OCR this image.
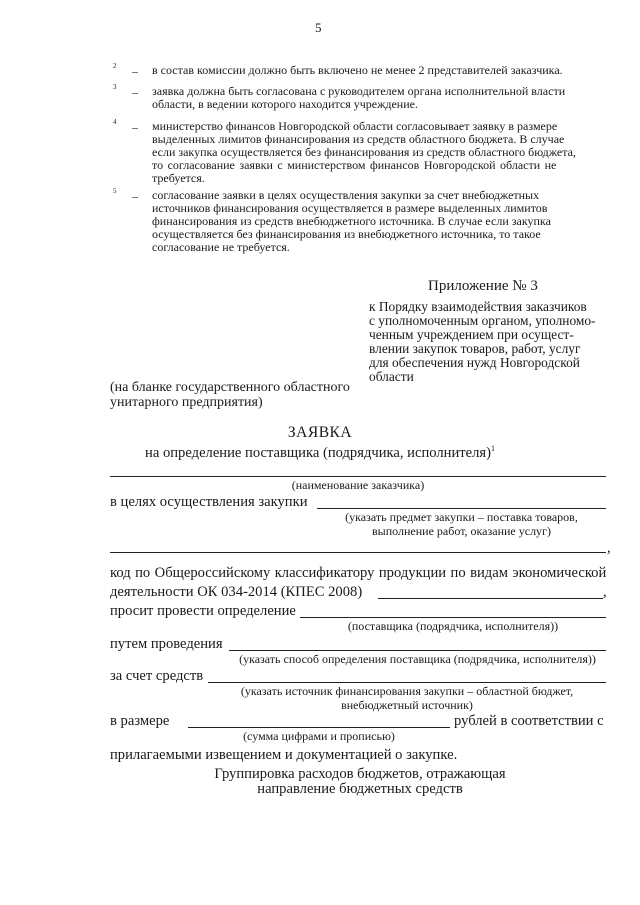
5
2 – в состав комиссии должно быть включено не менее 2 представителей заказчика.
3 – заявка должна быть согласована с руководителем органа исполнительной власти
области, в ведении которого находится учреждение.
4 – министерство финансов Новгородской области согласовывает заявку в размере
выделенных лимитов финансирования из средств областного бюджета. В случае
если закупка осуществляется без финансирования из средств областного бюджета,
то согласование заявки с министерством финансов Новгородской области не
требуется.
5 – согласование заявки в целях осуществления закупки за счет внебюджетных
источников финансирования осуществляется в размере выделенных лимитов
финансирования из средств внебюджетного источника. В случае если закупка
осуществляется без финансирования из внебюджетного источника, то такое
согласование не требуется.
Приложение № 3
к Порядку взаимодействия заказчиков
с уполномоченным органом, уполномо-
ченным учреждением при осущест-
влении закупок товаров, работ, услуг
для обеспечения нужд Новгородской
области
(на бланке государственного областного
унитарного предприятия)
ЗАЯВКА
на определение поставщика (подрядчика, исполнителя)$^1$
(наименование заказчика)
в целях осуществления закупки
(указать предмет закупки – поставка товаров,
выполнение работ, оказание услуг)
,
код по Общероссийскому классификатору продукции по видам экономической
деятельности ОК 034-2014 (КПЕС 2008)	,
просит провести определение
(поставщика (подрядчика, исполнителя))
путем проведения
(указать способ определения поставщика (подрядчика, исполнителя))
за счет средств
(указать источник финансирования закупки – областной бюджет,
внебюджетный источник)
в размере	рублей в соответствии с
(сумма цифрами и прописью)
прилагаемыми извещением и документацией о закупке.
Группировка расходов бюджетов, отражающая
направление бюджетных средств
